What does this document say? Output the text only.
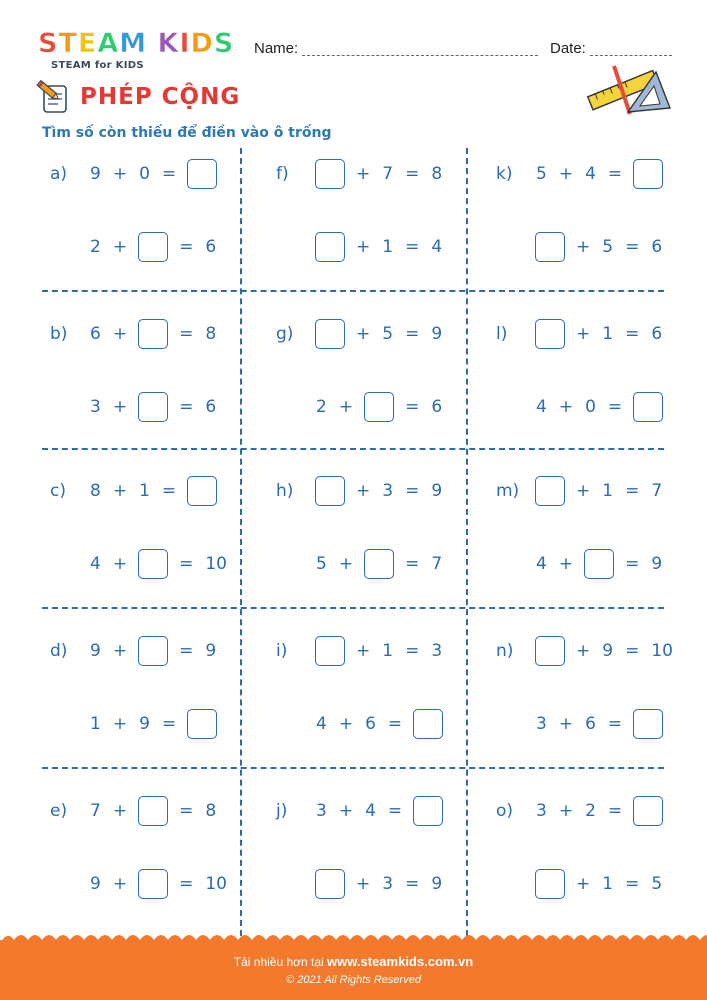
STEAM KIDS
STEAM for KIDS
Name:	Date:
PHÉP CỘNG
Tìm số còn thiếu để điền vào ô trống
a)	9 + 0 =
2 +	= 6
b)	6 +	= 8
3 +	= 6
c)	8 + 1 =
4 +	= 10
d)	9 +	= 9
1 + 9 =
e)	7 +	= 8
9 +	= 10
f)	+ 7 = 8
+ 1 = 4
g)	+ 5 = 9
2 +	= 6
h)	+ 3 = 9
5 +	= 7
i)	+ 1 = 3
4 + 6 =
j)	3 + 4 =
+ 3 = 9
k)	5 + 4 =
+ 5 = 6
l)	+ 1 = 6
4 + 0 =
m)	+ 1 = 7
4 +	= 9
n)	+ 9 = 10
3 + 6 =
o)	3 + 2 =
+ 1 = 5
Tải nhiều hơn tại www.steamkids.com.vn
© 2021 All Rights Reserved
